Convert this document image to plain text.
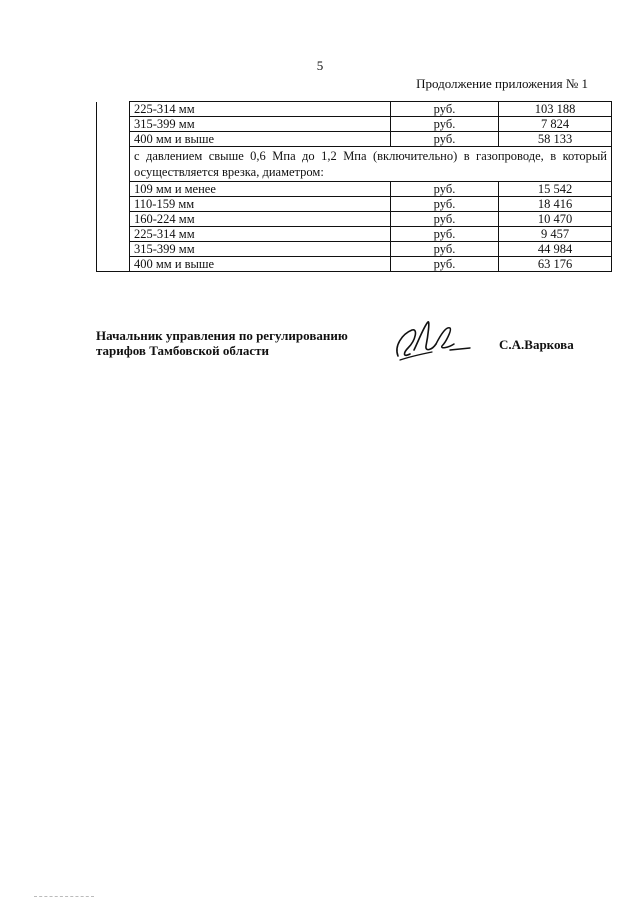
5
Продолжение приложения № 1
	225-314 мм	руб.	103 188
	315-399 мм	руб.	7 824
	400 мм и выше	руб.	58 133
	с давлением свыше 0,6 Мпа до 1,2 Мпа (включительно) в газопроводе, в который осуществляется врезка, диаметром:		
	109 мм и менее	руб.	15 542
	110-159 мм	руб.	18 416
	160-224 мм	руб.	10 470
	225-314 мм	руб.	9 457
	315-399 мм	руб.	44 984
	400 мм и выше	руб.	63 176
Начальник управления по регулированию
тарифов Тамбовской области	С.А.Варкова
